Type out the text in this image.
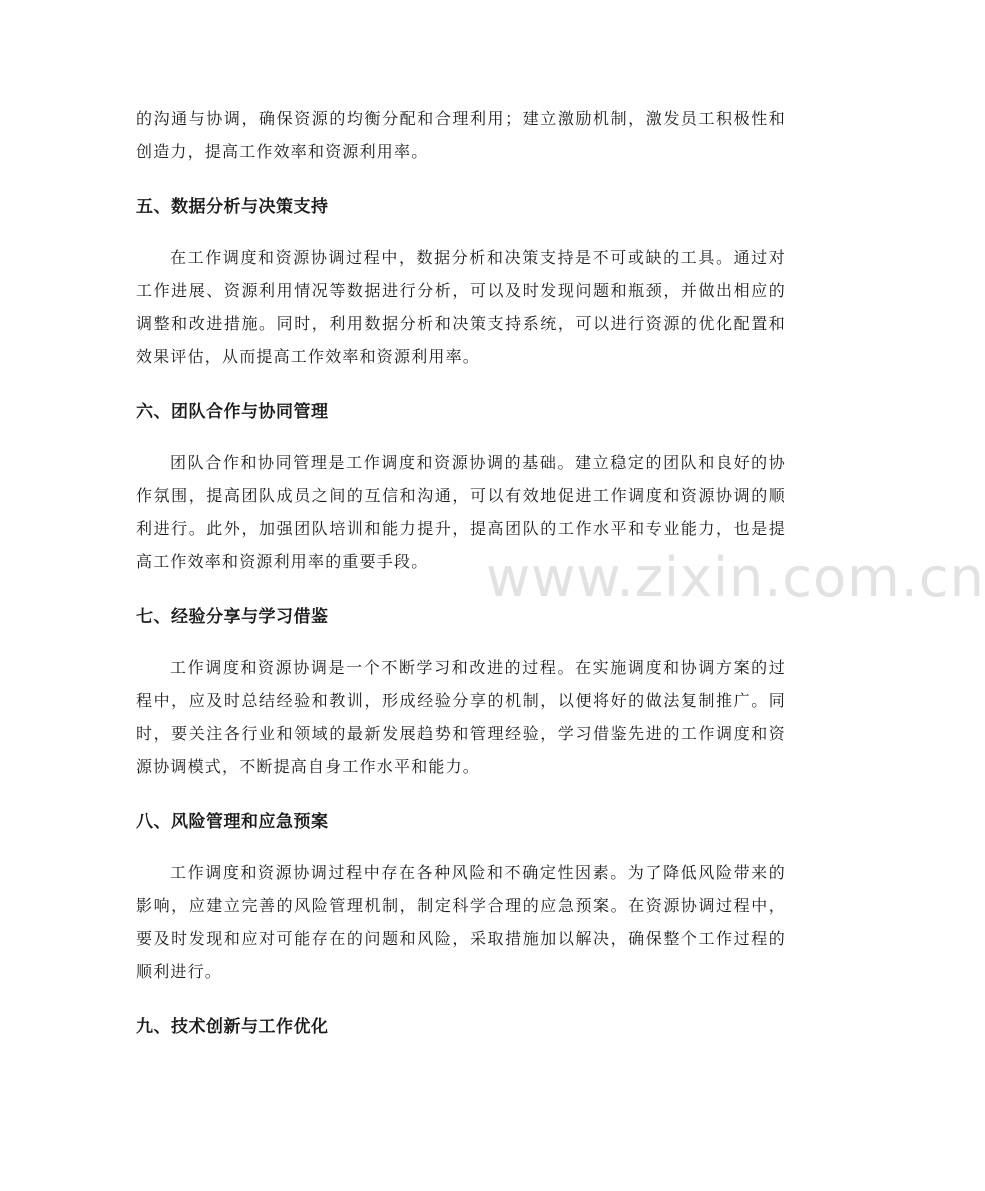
的沟通与协调，确保资源的均衡分配和合理利用；建立激励机制，激发员工积极性和创造力，提高工作效率和资源利用率。

五、数据分析与决策支持

在工作调度和资源协调过程中，数据分析和决策支持是不可或缺的工具。通过对工作进展、资源利用情况等数据进行分析，可以及时发现问题和瓶颈，并做出相应的调整和改进措施。同时，利用数据分析和决策支持系统，可以进行资源的优化配置和效果评估，从而提高工作效率和资源利用率。

六、团队合作与协同管理

团队合作和协同管理是工作调度和资源协调的基础。建立稳定的团队和良好的协作氛围，提高团队成员之间的互信和沟通，可以有效地促进工作调度和资源协调的顺利进行。此外，加强团队培训和能力提升，提高团队的工作水平和专业能力，也是提高工作效率和资源利用率的重要手段。

七、经验分享与学习借鉴

工作调度和资源协调是一个不断学习和改进的过程。在实施调度和协调方案的过程中，应及时总结经验和教训，形成经验分享的机制，以便将好的做法复制推广。同时，要关注各行业和领域的最新发展趋势和管理经验，学习借鉴先进的工作调度和资源协调模式，不断提高自身工作水平和能力。

八、风险管理和应急预案

工作调度和资源协调过程中存在各种风险和不确定性因素。为了降低风险带来的影响，应建立完善的风险管理机制，制定科学合理的应急预案。在资源协调过程中，要及时发现和应对可能存在的问题和风险，采取措施加以解决，确保整个工作过程的顺利进行。

九、技术创新与工作优化
www.zixin.com.cn
